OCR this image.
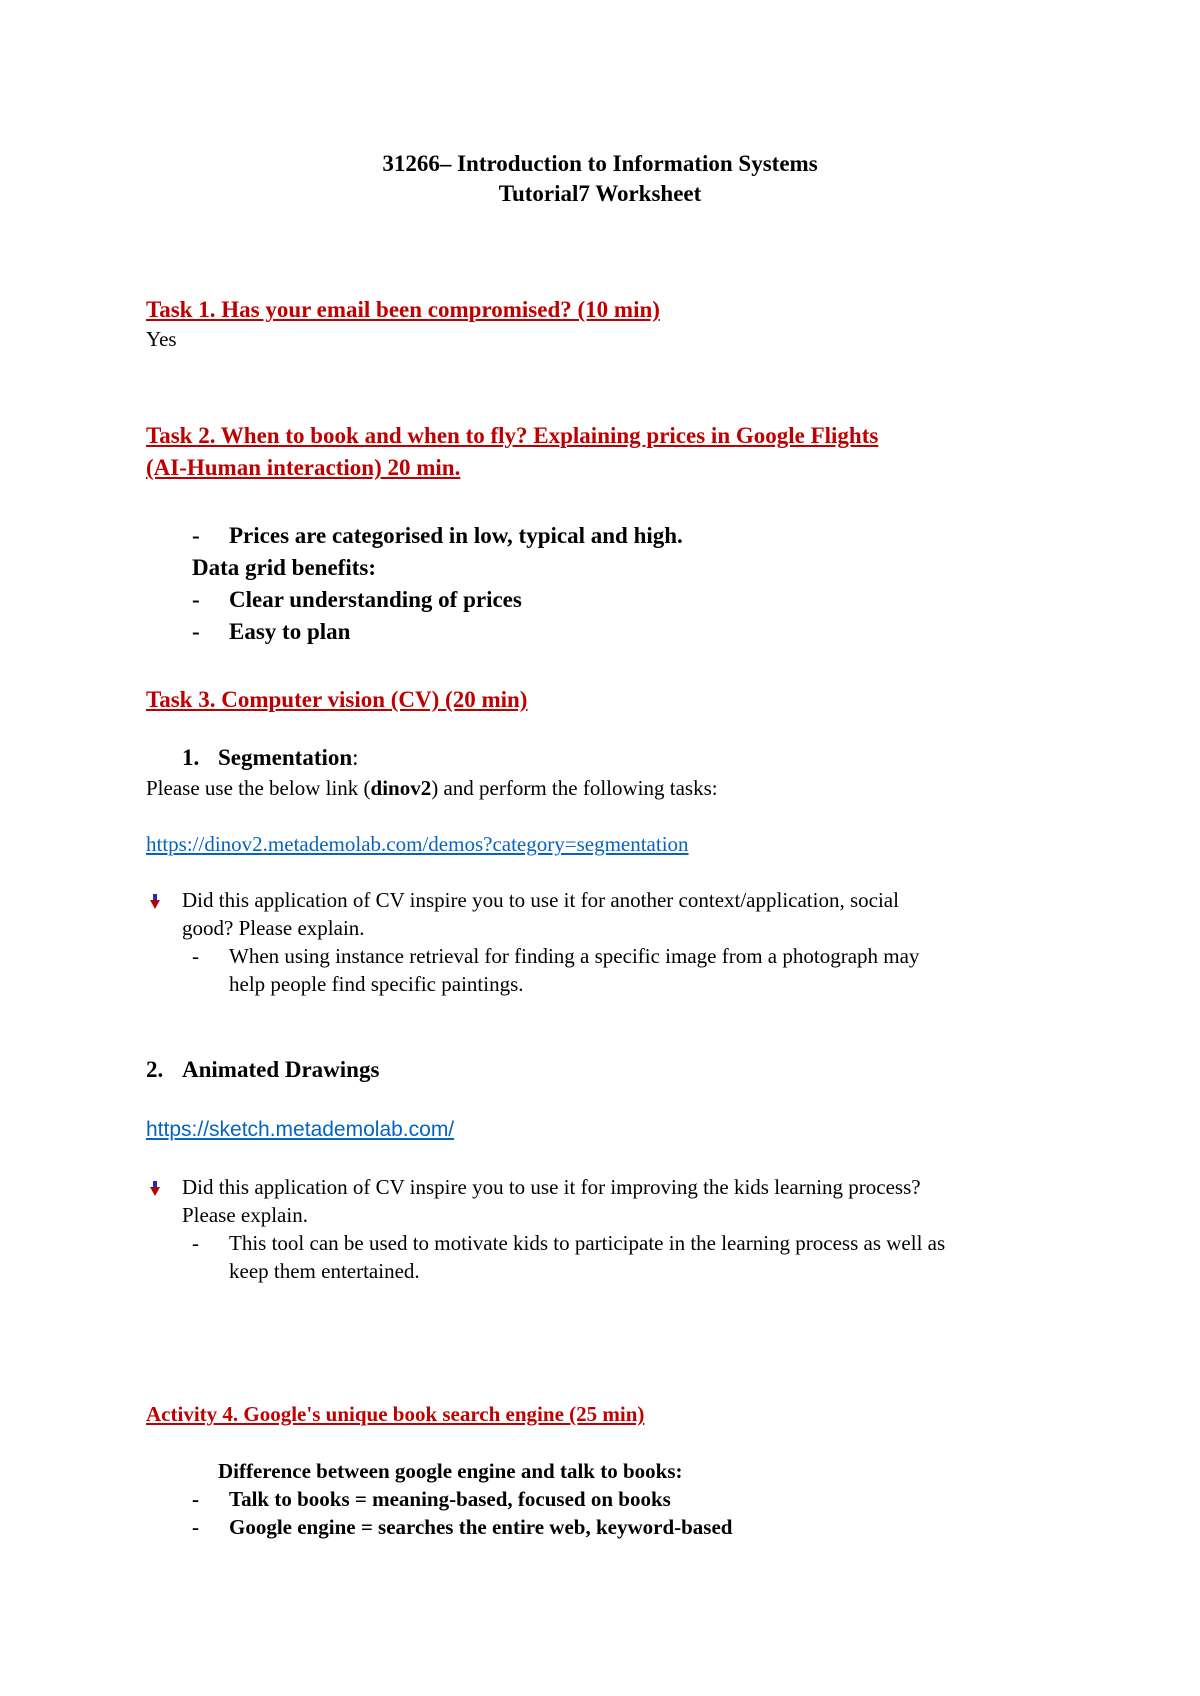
31266– Introduction to Information Systems
Tutorial7 Worksheet
Task 1. Has your email been compromised? (10 min)
Yes
Task 2. When to book and when to fly? Explaining prices in Google Flights
(AI-Human interaction) 20 min.
- Prices are categorised in low, typical and high.
Data grid benefits:
- Clear understanding of prices
- Easy to plan
Task 3. Computer vision (CV) (20 min)
1. Segmentation:
Please use the below link (dinov2) and perform the following tasks:
https://dinov2.metademolab.com/demos?category=segmentation
Did this application of CV inspire you to use it for another context/application, social
good? Please explain.
- When using instance retrieval for finding a specific image from a photograph may
help people find specific paintings.
2. Animated Drawings
https://sketch.metademolab.com/
Did this application of CV inspire you to use it for improving the kids learning process?
Please explain.
- This tool can be used to motivate kids to participate in the learning process as well as
keep them entertained.
Activity 4. Google's unique book search engine (25 min)
Difference between google engine and talk to books:
- Talk to books = meaning-based, focused on books
- Google engine = searches the entire web, keyword-based
